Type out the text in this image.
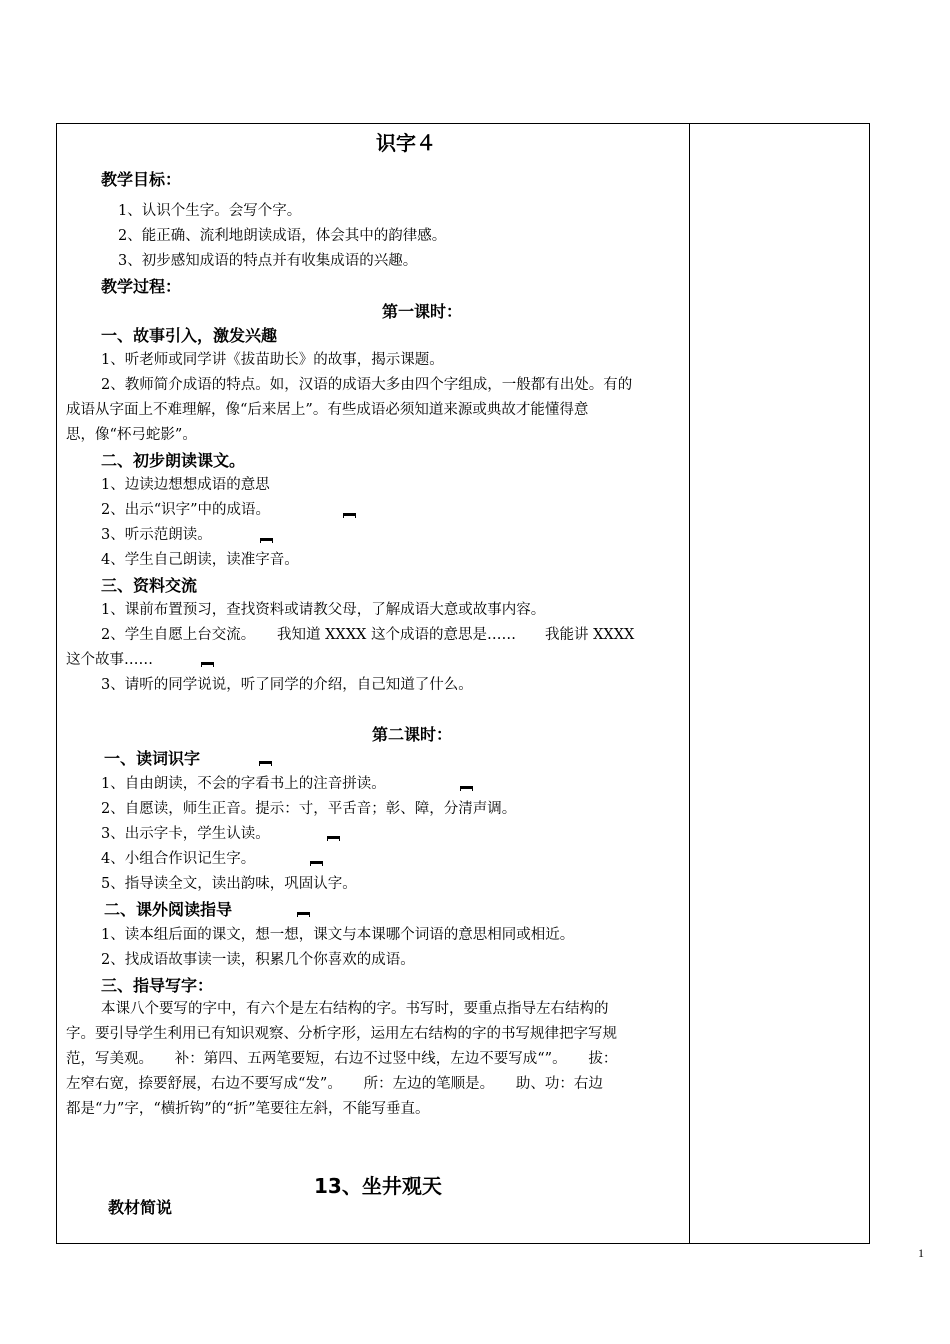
识字４
教学目标：
1、认识个生字。会写个字。
2、能正确、流利地朗读成语，体会其中的韵律感。
3、初步感知成语的特点并有收集成语的兴趣。
教学过程：
第一课时：
一、故事引入，激发兴趣
1、听老师或同学讲《拔苗助长》的故事，揭示课题。
2、教师简介成语的特点。如，汉语的成语大多由四个字组成，一般都有出处。有的
成语从字面上不难理解，像“后来居上”。有些成语必须知道来源或典故才能懂得意
思，像“杯弓蛇影”。
二、初步朗读课文。
1、边读边想想成语的意思
2、出示“识字”中的成语。
3、听示范朗读。
4、学生自己朗读，读准字音。
三、资料交流
1、课前布置预习，查找资料或请教父母，了解成语大意或故事内容。
2、学生自愿上台交流。　　我知道 XXXX 这个成语的意思是……　　我能讲 XXXX
这个故事……
3、请听的同学说说，听了同学的介绍，自己知道了什么。
第二课时：
一、读词识字
1、自由朗读，不会的字看书上的注音拼读。
2、自愿读，师生正音。提示：寸，平舌音；彰、障，分清声调。
3、出示字卡，学生认读。
4、小组合作识记生字。
5、指导读全文，读出韵味，巩固认字。
二、课外阅读指导
1、读本组后面的课文，想一想，课文与本课哪个词语的意思相同或相近。
2、找成语故事读一读，积累几个你喜欢的成语。
三、指导写字：
本课八个要写的字中，有六个是左右结构的字。书写时，要重点指导左右结构的
字。要引导学生利用已有知识观察、分析字形，运用左右结构的字的书写规律把字写规
范，写美观。　　补：第四、五两笔要短，右边不过竖中线，左边不要写成“”。　　拔：
左窄右宽，捺要舒展，右边不要写成“发”。　　所：左边的笔顺是。　　助、功：右边
都是“力”字，“横折钩”的“折”笔要往左斜，不能写垂直。
13、坐井观天
教材简说
1
